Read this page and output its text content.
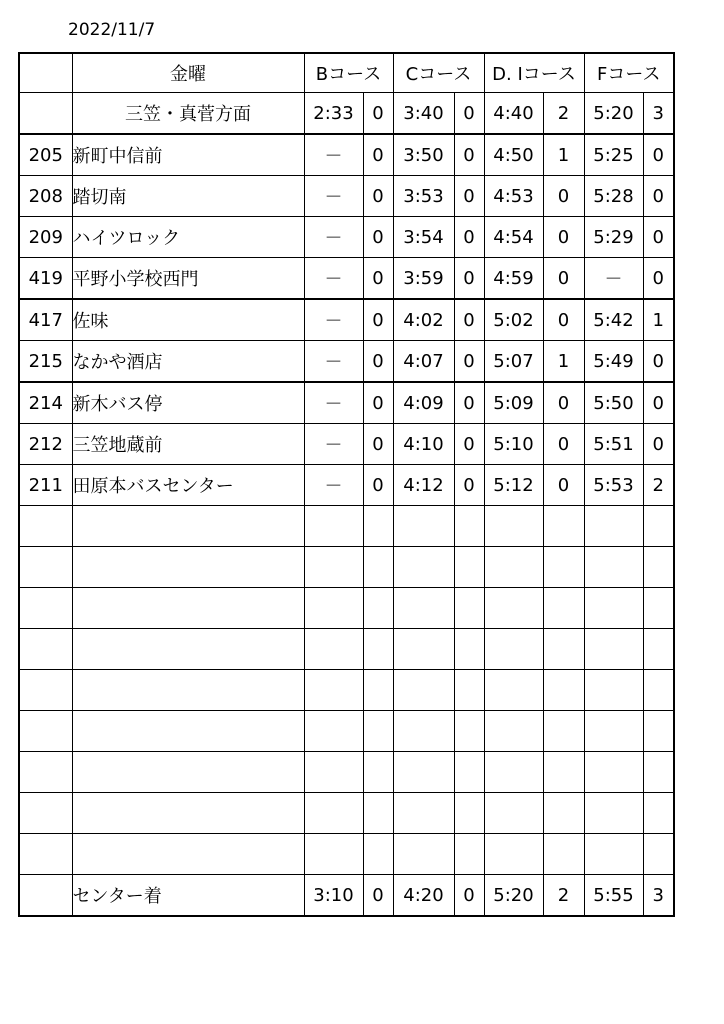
2022/11/7
	金曜	Bコース		Cコース		D. Iコース		Fコース	
	三笠・真菅方面	2:33	0	3:40	0	4:40	2	5:20	3
205	新町中信前	－	0	3:50	0	4:50	1	5:25	0
208	踏切南	－	0	3:53	0	4:53	0	5:28	0
209	ハイツロック	－	0	3:54	0	4:54	0	5:29	0
419	平野小学校西門	－	0	3:59	0	4:59	0	－	0
417	佐味	－	0	4:02	0	5:02	0	5:42	1
215	なかや酒店	－	0	4:07	0	5:07	1	5:49	0
214	新木バス停	－	0	4:09	0	5:09	0	5:50	0
212	三笠地蔵前	－	0	4:10	0	5:10	0	5:51	0
211	田原本バスセンター	－	0	4:12	0	5:12	0	5:53	2

	センター着	3:10	0	4:20	0	5:20	2	5:55	3
